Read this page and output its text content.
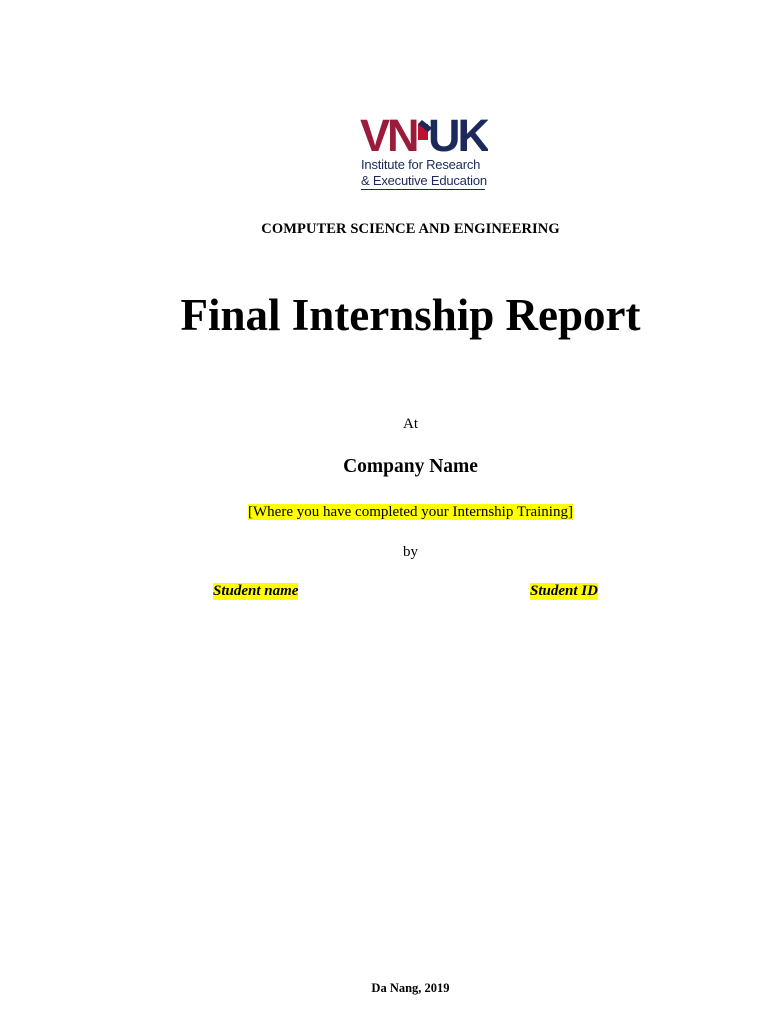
VN UK
Institute for Research
& Executive Education
COMPUTER SCIENCE AND ENGINEERING
Final Internship Report
At
Company Name
[Where you have completed your Internship Training]
by
Student name	Student ID
Da Nang, 2019
